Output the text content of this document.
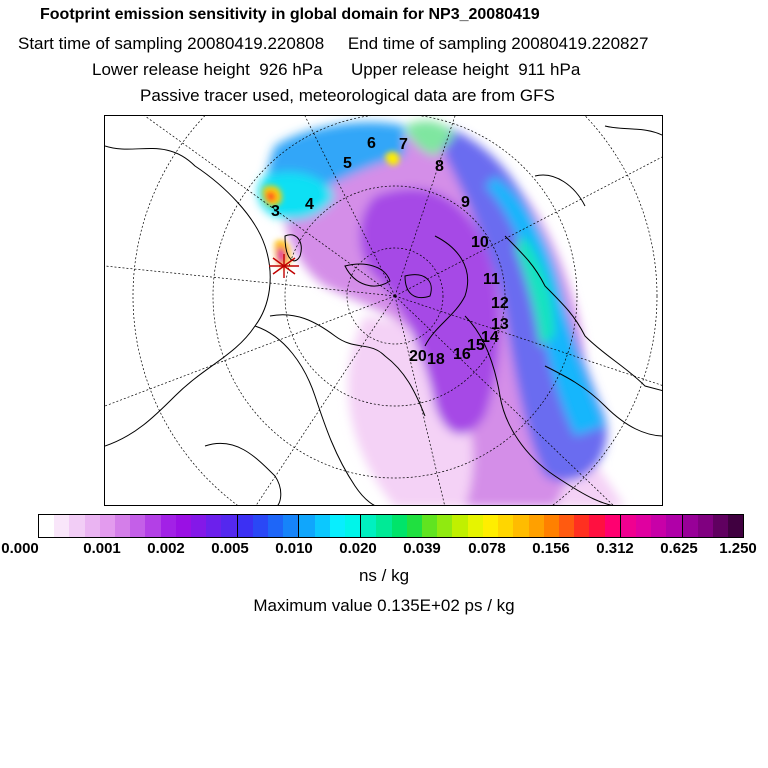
Footprint emission sensitivity in global domain for NP3_20080419
Start time of sampling 20080419.220808 End time of sampling 20080419.220827
Lower release height  926 hPa Upper release height  911 hPa
Passive tracer used, meteorological data are from GFS
3 4
5
6 7
8
9
10
11
12
13
14
15
16
18
20
0.000	0.001 0.002 0.005 0.010 0.020 0.039 0.078 0.156 0.312 0.625 1.250
ns / kg
Maximum value 0.135E+02 ps / kg
